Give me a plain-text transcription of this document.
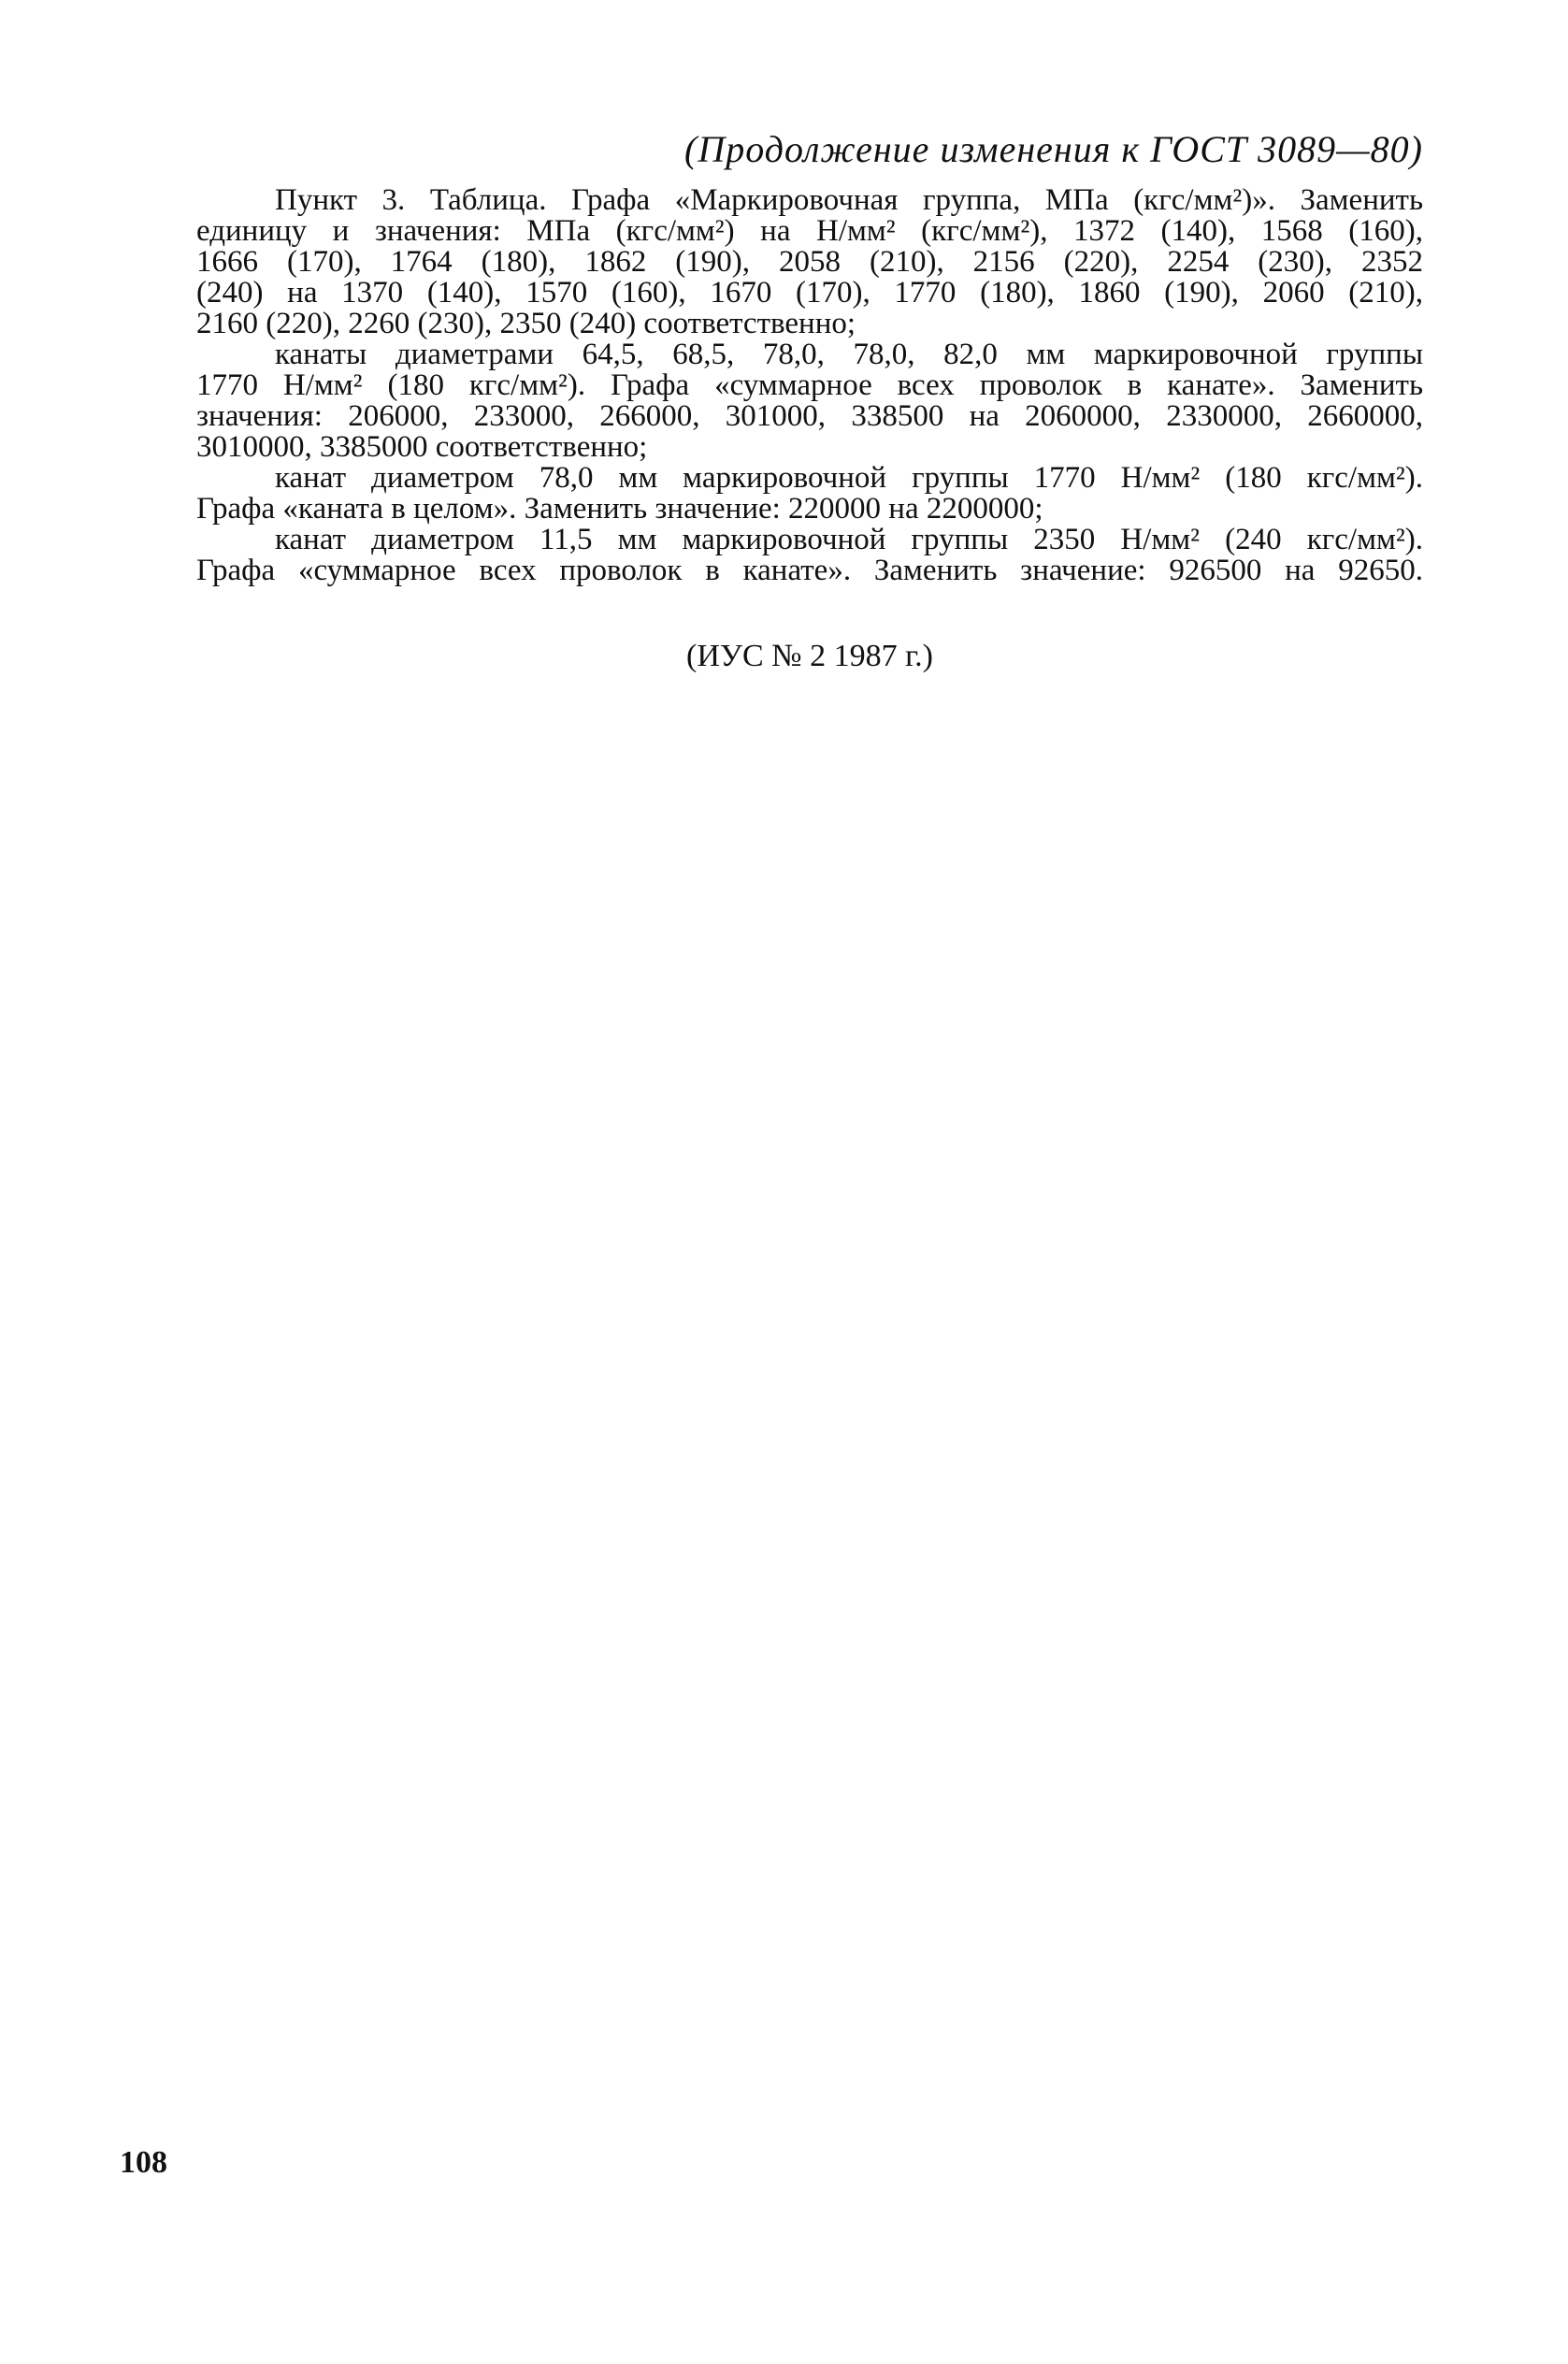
(Продолжение изменения к ГОСТ 3089—80)
Пункт 3. Таблица. Графа «Маркировочная группа, МПа (кгс/мм²)». Заменить
единицу и значения: МПа (кгс/мм²) на Н/мм² (кгс/мм²), 1372 (140), 1568 (160),
1666 (170), 1764 (180), 1862 (190), 2058 (210), 2156 (220), 2254 (230), 2352
(240) на 1370 (140), 1570 (160), 1670 (170), 1770 (180), 1860 (190), 2060 (210),
2160 (220), 2260 (230), 2350 (240) соответственно;
канаты диаметрами 64,5, 68,5, 78,0, 78,0, 82,0 мм маркировочной группы
1770 Н/мм² (180 кгс/мм²). Графа «суммарное всех проволок в канате». Заменить
значения: 206000, 233000, 266000, 301000, 338500 на 2060000, 2330000, 2660000,
3010000, 3385000 соответственно;
канат диаметром 78,0 мм маркировочной группы 1770 Н/мм² (180 кгс/мм²).
Графа «каната в целом». Заменить значение: 220000 на 2200000;
канат диаметром 11,5 мм маркировочной группы 2350 Н/мм² (240 кгс/мм²).
Графа «суммарное всех проволок в канате». Заменить значение: 926500 на 92650.
(ИУС № 2 1987 г.)
108
